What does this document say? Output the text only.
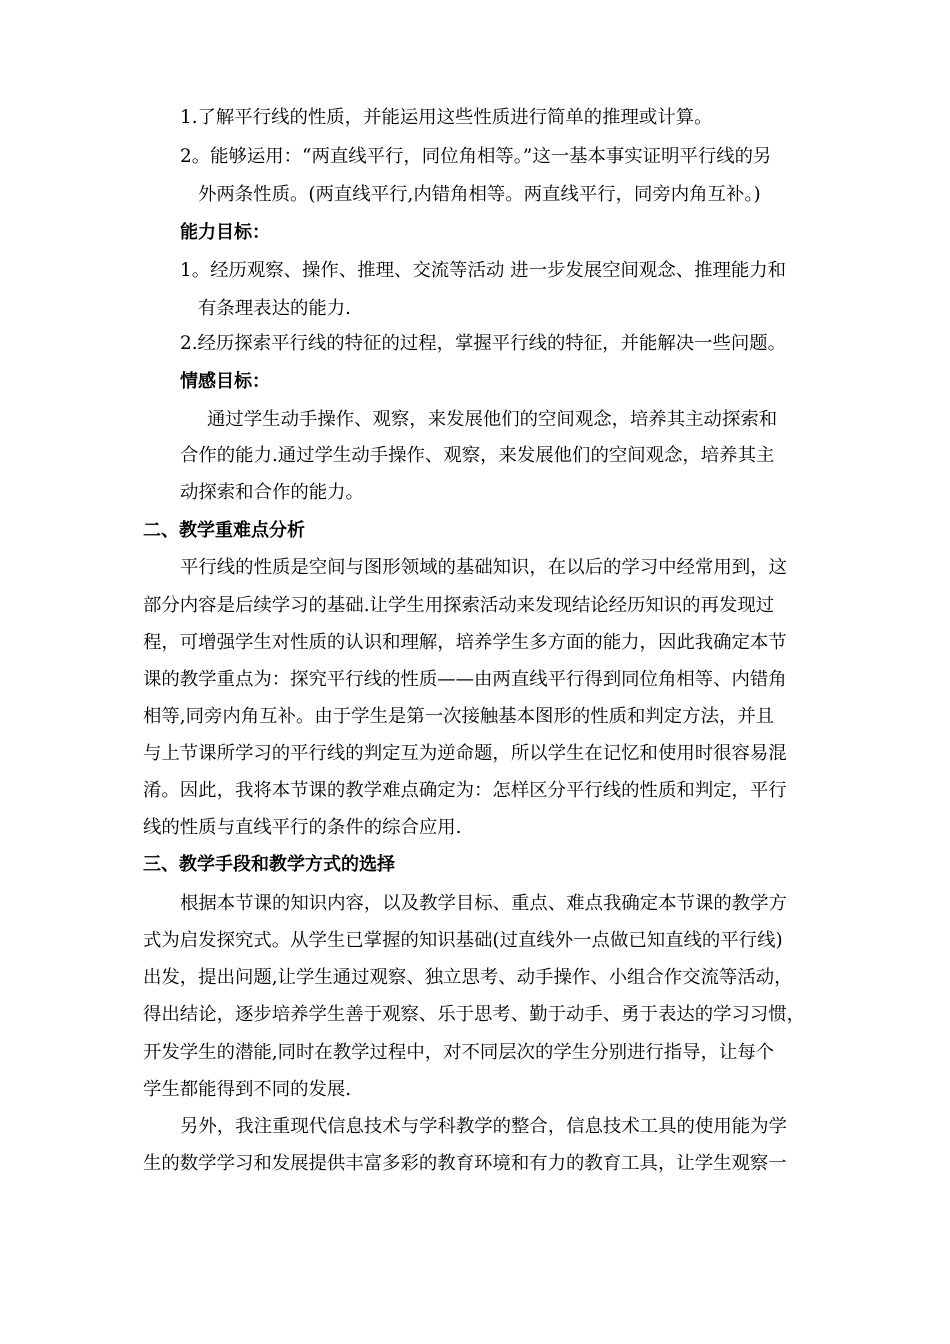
1.了解平行线的性质，并能运用这些性质进行简单的推理或计算。
2。能够运用：“两直线平行，同位角相等。”这一基本事实证明平行线的另
外两条性质。(两直线平行,内错角相等。两直线平行，同旁内角互补。)
能力目标：
1。经历观察、操作、推理、交流等活动 进一步发展空间观念、推理能力和
有条理表达的能力.
2.经历探索平行线的特征的过程，掌握平行线的特征，并能解决一些问题。
情感目标：
通过学生动手操作、观察，来发展他们的空间观念，培养其主动探索和
合作的能力.通过学生动手操作、观察，来发展他们的空间观念，培养其主
动探索和合作的能力。
二、教学重难点分析
平行线的性质是空间与图形领域的基础知识，在以后的学习中经常用到，这
部分内容是后续学习的基础.让学生用探索活动来发现结论经历知识的再发现过
程，可增强学生对性质的认识和理解，培养学生多方面的能力，因此我确定本节
课的教学重点为：探究平行线的性质——由两直线平行得到同位角相等、内错角
相等,同旁内角互补。由于学生是第一次接触基本图形的性质和判定方法，并且
与上节课所学习的平行线的判定互为逆命题，所以学生在记忆和使用时很容易混
淆。因此，我将本节课的教学难点确定为：怎样区分平行线的性质和判定，平行
线的性质与直线平行的条件的综合应用.
三、教学手段和教学方式的选择
根据本节课的知识内容，以及教学目标、重点、难点我确定本节课的教学方
式为启发探究式。从学生已掌握的知识基础(过直线外一点做已知直线的平行线)
出发，提出问题,让学生通过观察、独立思考、动手操作、小组合作交流等活动，
得出结论，逐步培养学生善于观察、乐于思考、勤于动手、勇于表达的学习习惯，
开发学生的潜能,同时在教学过程中，对不同层次的学生分别进行指导，让每个
学生都能得到不同的发展.
另外，我注重现代信息技术与学科教学的整合，信息技术工具的使用能为学
生的数学学习和发展提供丰富多彩的教育环境和有力的教育工具，让学生观察一
